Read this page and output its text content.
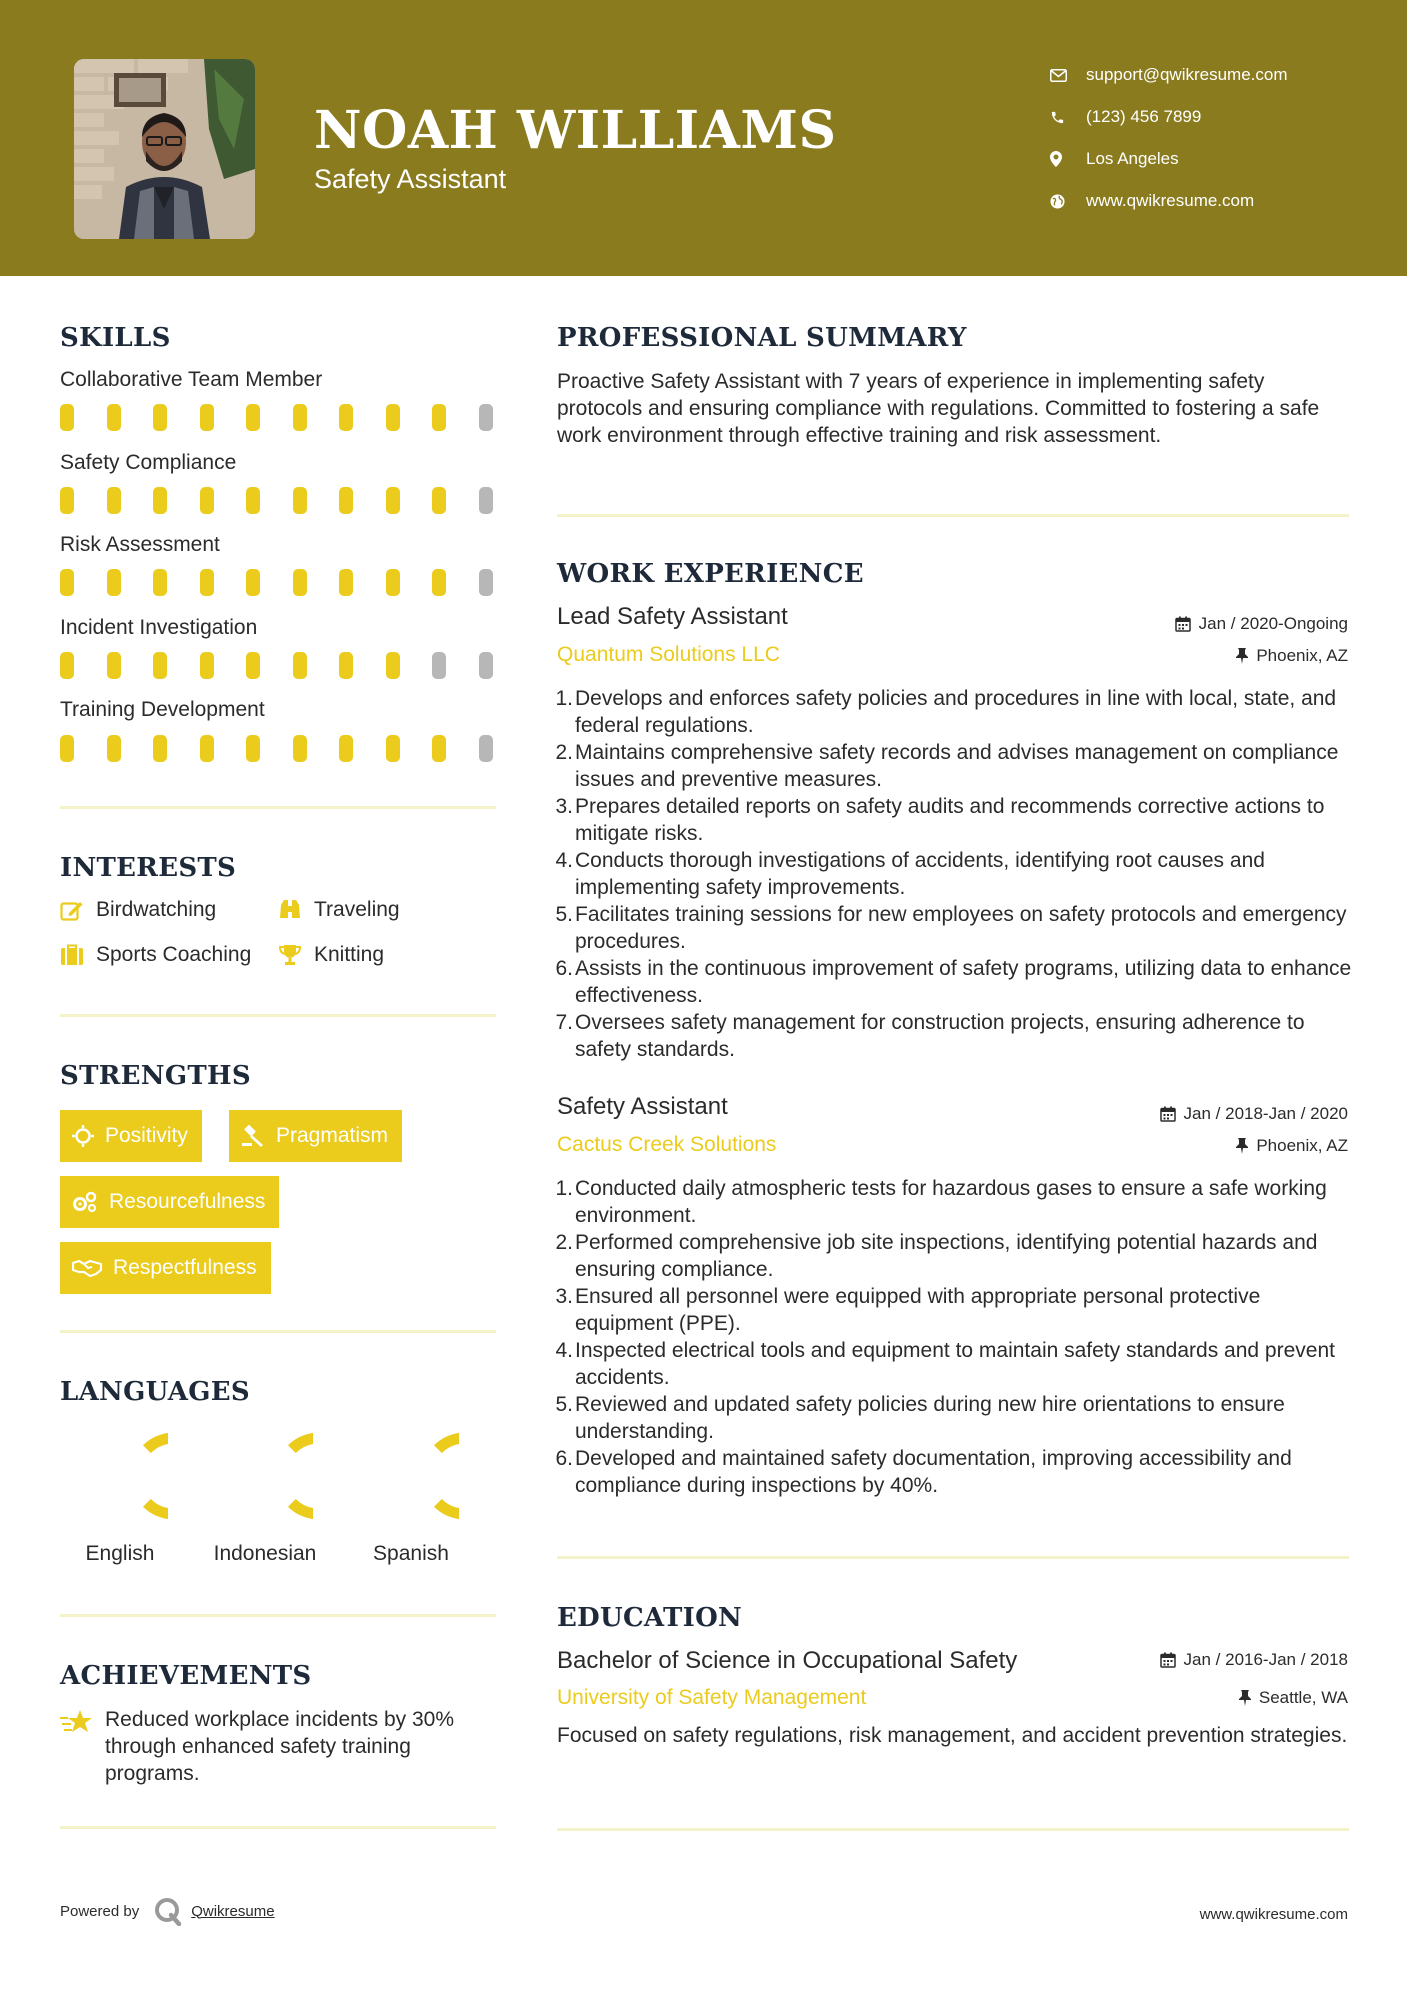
NOAH WILLIAMS
Safety Assistant
support@qwikresume.com
(123) 456 7899
Los Angeles
www.qwikresume.com
SKILLS
Collaborative Team Member
Safety Compliance
Risk Assessment
Incident Investigation
Training Development
INTERESTS
Birdwatching	Traveling
Sports Coaching	Knitting
STRENGTHS
Positivity	Pragmatism
Resourcefulness
Respectfulness
LANGUAGES
English	Indonesian	Spanish
ACHIEVEMENTS
Reduced workplace incidents by 30% through enhanced safety training programs.
PROFESSIONAL SUMMARY
Proactive Safety Assistant with 7 years of experience in implementing safety protocols and ensuring compliance with regulations. Committed to fostering a safe work environment through effective training and risk assessment.
WORK EXPERIENCE
Lead Safety Assistant	Jan / 2020-Ongoing
Quantum Solutions LLC	Phoenix, AZ
1. Develops and enforces safety policies and procedures in line with local, state, and federal regulations.
2. Maintains comprehensive safety records and advises management on compliance issues and preventive measures.
3. Prepares detailed reports on safety audits and recommends corrective actions to mitigate risks.
4. Conducts thorough investigations of accidents, identifying root causes and implementing safety improvements.
5. Facilitates training sessions for new employees on safety protocols and emergency procedures.
6. Assists in the continuous improvement of safety programs, utilizing data to enhance effectiveness.
7. Oversees safety management for construction projects, ensuring adherence to safety standards.
Safety Assistant	Jan / 2018-Jan / 2020
Cactus Creek Solutions	Phoenix, AZ
1. Conducted daily atmospheric tests for hazardous gases to ensure a safe working environment.
2. Performed comprehensive job site inspections, identifying potential hazards and ensuring compliance.
3. Ensured all personnel were equipped with appropriate personal protective equipment (PPE).
4. Inspected electrical tools and equipment to maintain safety standards and prevent accidents.
5. Reviewed and updated safety policies during new hire orientations to ensure understanding.
6. Developed and maintained safety documentation, improving accessibility and compliance during inspections by 40%.
EDUCATION
Bachelor of Science in Occupational Safety	Jan / 2016-Jan / 2018
University of Safety Management	Seattle, WA
Focused on safety regulations, risk management, and accident prevention strategies.
Powered by	Qwikresume	www.qwikresume.com
